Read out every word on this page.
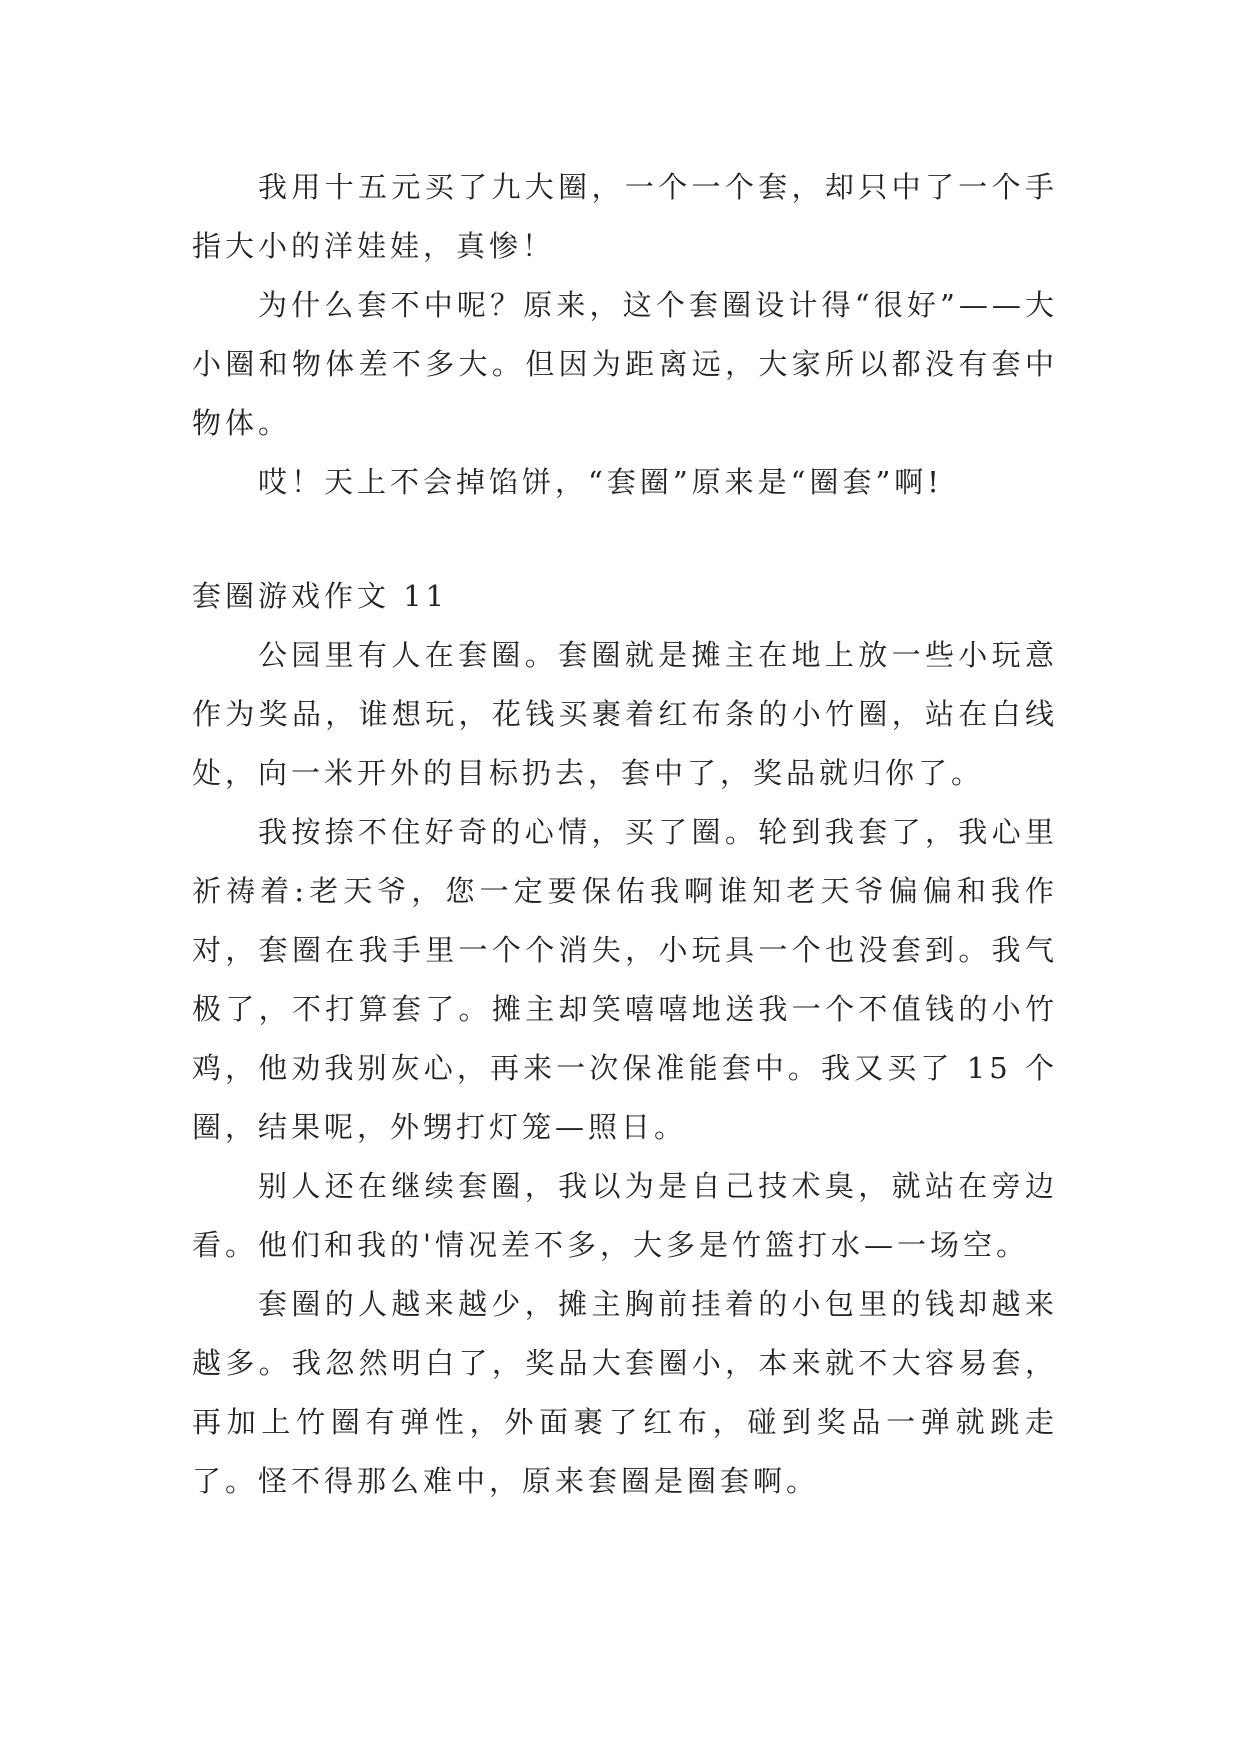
我用十五元买了九大圈，一个一个套，却只中了一个手指大小的洋娃娃，真惨！

为什么套不中呢？原来，这个套圈设计得“很好”——大小圈和物体差不多大。但因为距离远，大家所以都没有套中物体。

哎！天上不会掉馅饼，“套圈”原来是“圈套”啊!

套圈游戏作文 11

公园里有人在套圈。套圈就是摊主在地上放一些小玩意作为奖品，谁想玩，花钱买裹着红布条的小竹圈，站在白线处，向一米开外的目标扔去，套中了，奖品就归你了。

我按捺不住好奇的心情，买了圈。轮到我套了，我心里祈祷着:老天爷，您一定要保佑我啊谁知老天爷偏偏和我作对，套圈在我手里一个个消失，小玩具一个也没套到。我气极了，不打算套了。摊主却笑嘻嘻地送我一个不值钱的小竹鸡，他劝我别灰心，再来一次保准能套中。我又买了 15 个圈，结果呢，外甥打灯笼—照日。

别人还在继续套圈，我以为是自己技术臭，就站在旁边看。他们和我的'情况差不多，大多是竹篮打水—一场空。

套圈的人越来越少，摊主胸前挂着的小包里的钱却越来越多。我忽然明白了，奖品大套圈小，本来就不大容易套，再加上竹圈有弹性，外面裹了红布，碰到奖品一弹就跳走了。怪不得那么难中，原来套圈是圈套啊。
